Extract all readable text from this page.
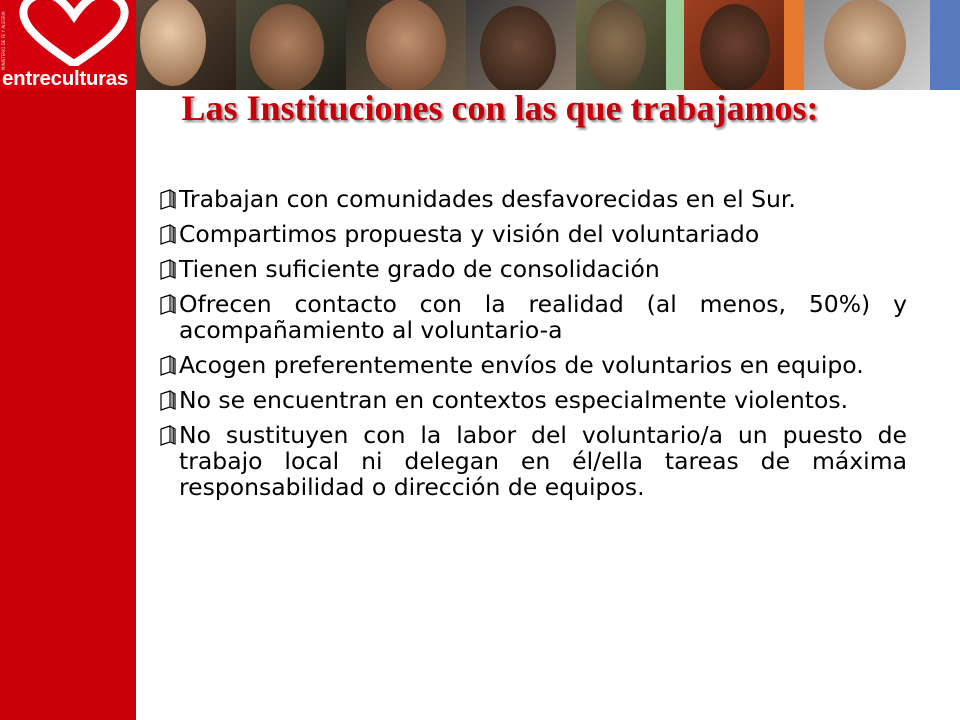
MINISTERIO DE FE Y ALEGRÍA
entreculturas
Las Instituciones con las que trabajamos:
Trabajan con comunidades desfavorecidas en el Sur.
Compartimos propuesta y visión del voluntariado
Tienen suficiente grado de consolidación
Ofrecen contacto con la realidad (al menos, 50%) y acompañamiento al voluntario-a
Acogen preferentemente envíos de voluntarios en equipo.
No se encuentran en contextos especialmente violentos.
No sustituyen con la labor del voluntario/a un puesto de trabajo local ni delegan en él/ella tareas de máxima responsabilidad o dirección de equipos.
